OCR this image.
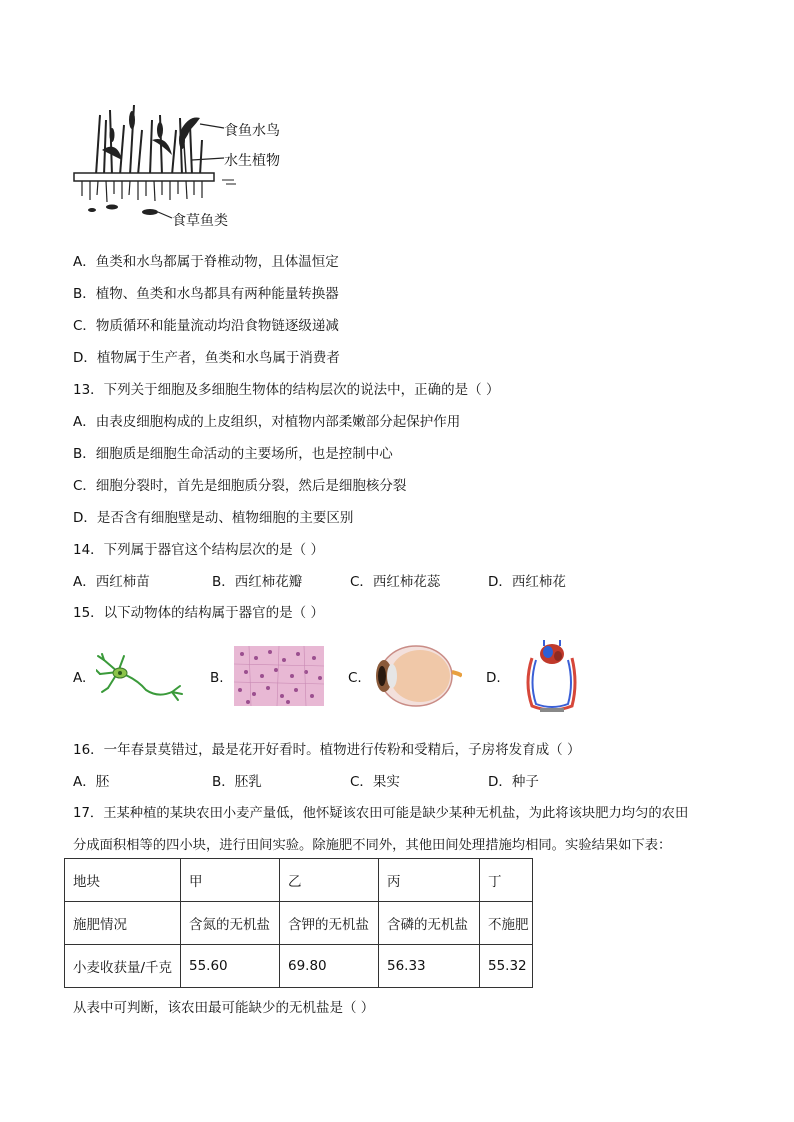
食鱼水鸟
水生植物
食草鱼类
A．鱼类和水鸟都属于脊椎动物，且体温恒定
B．植物、鱼类和水鸟都具有两种能量转换器
C．物质循环和能量流动均沿食物链逐级递减
D．植物属于生产者，鱼类和水鸟属于消费者
13．下列关于细胞及多细胞生物体的结构层次的说法中，正确的是（ ）
A．由表皮细胞构成的上皮组织，对植物内部柔嫩部分起保护作用
B．细胞质是细胞生命活动的主要场所，也是控制中心
C．细胞分裂时，首先是细胞质分裂，然后是细胞核分裂
D．是否含有细胞壁是动、植物细胞的主要区别
14．下列属于器官这个结构层次的是（ ）
A．西红柿苗	B．西红柿花瓣	C．西红柿花蕊	D．西红柿花
15．以下动物体的结构属于器官的是（ ）
A.	B.	C.	D.
16．一年春景莫错过，最是花开好看时。植物进行传粉和受精后，子房将发育成（ ）
A．胚	B．胚乳	C．果实	D．种子
17．王某种植的某块农田小麦产量低，他怀疑该农田可能是缺少某种无机盐，为此将该块肥力均匀的农田
分成面积相等的四小块，进行田间实验。除施肥不同外，其他田间处理措施均相同。实验结果如下表：
地块	甲	乙	丙	丁
施肥情况	含氮的无机盐	含钾的无机盐	含磷的无机盐	不施肥
小麦收获量/千克	55.60	69.80	56.33	55.32
从表中可判断，该农田最可能缺少的无机盐是（ ）
